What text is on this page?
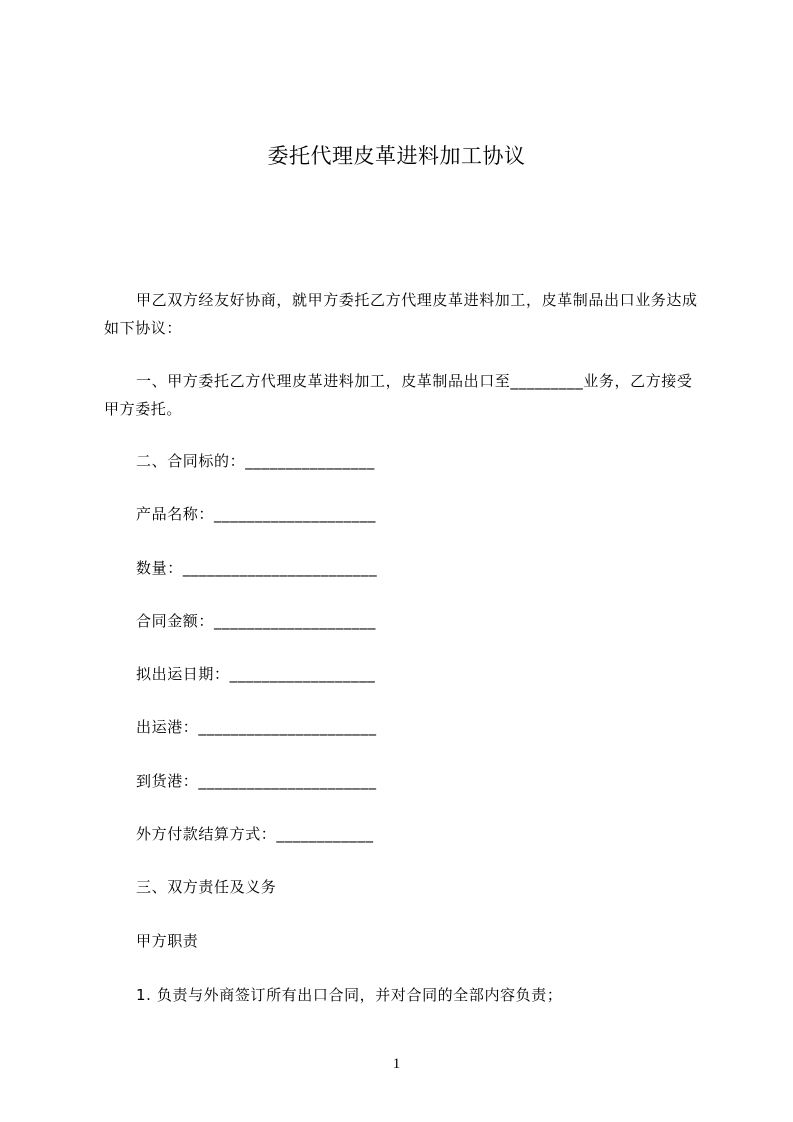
委托代理皮革进料加工协议
甲乙双方经友好协商，就甲方委托乙方代理皮革进料加工，皮革制品出口业务达成如下协议：
一、甲方委托乙方代理皮革进料加工，皮革制品出口至_________业务，乙方接受甲方委托。
二、合同标的：________________
产品名称：____________________
数量：________________________
合同金额：____________________
拟出运日期：__________________
出运港：______________________
到货港：______________________
外方付款结算方式：____________
三、双方责任及义务
甲方职责
1. 负责与外商签订所有出口合同，并对合同的全部内容负责；
1
